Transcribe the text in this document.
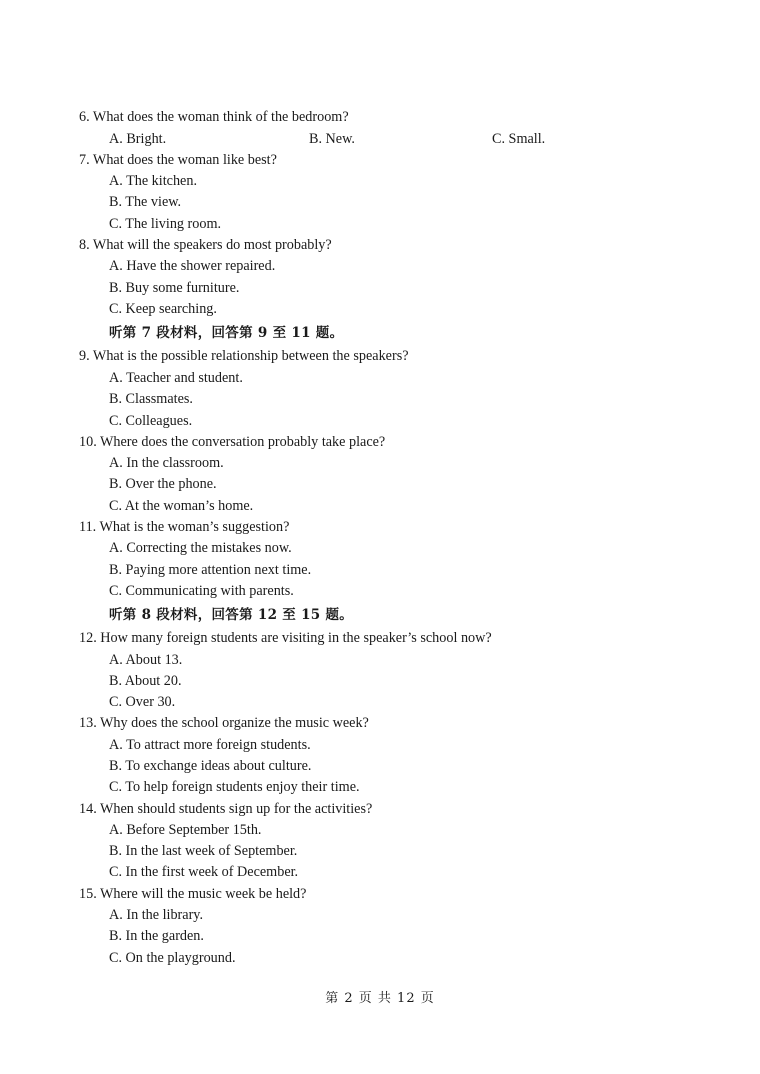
6. What does the woman think of the bedroom?
A. Bright.	B. New.	C. Small.
7. What does the woman like best?
A. The kitchen.
B. The view.
C. The living room.
8. What will the speakers do most probably?
A. Have the shower repaired.
B. Buy some furniture.
C. Keep searching.
听第 7 段材料，回答第 9 至 11 题。
9. What is the possible relationship between the speakers?
A. Teacher and student.
B. Classmates.
C. Colleagues.
10. Where does the conversation probably take place?
A. In the classroom.
B. Over the phone.
C. At the woman’s home.
11. What is the woman’s suggestion?
A. Correcting the mistakes now.
B. Paying more attention next time.
C. Communicating with parents.
听第 8 段材料，回答第 12 至 15 题。
12. How many foreign students are visiting in the speaker’s school now?
A. About 13.
B. About 20.
C. Over 30.
13. Why does the school organize the music week?
A. To attract more foreign students.
B. To exchange ideas about culture.
C. To help foreign students enjoy their time.
14. When should students sign up for the activities?
A. Before September 15th.
B. In the last week of September.
C. In the first week of December.
15. Where will the music week be held?
A. In the library.
B. In the garden.
C. On the playground.
第 2 页 共 12 页
